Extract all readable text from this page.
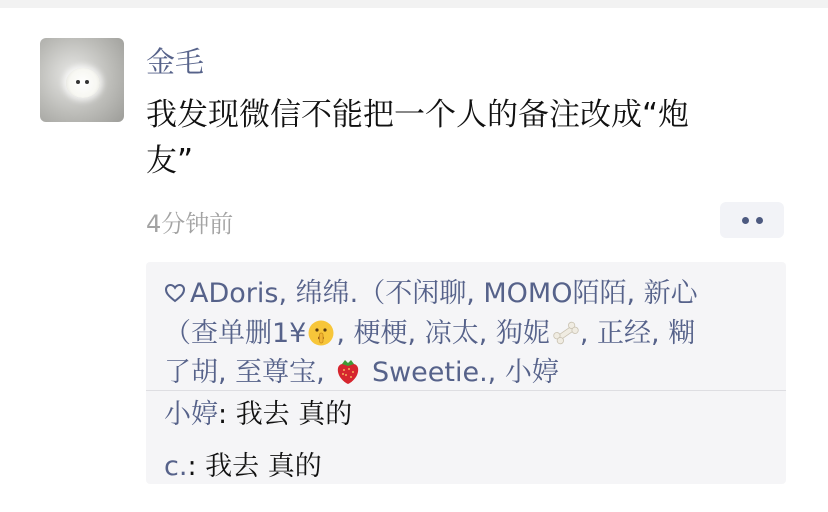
金毛
我发现微信不能把一个人的备注改成“炮
友”
4分钟前
ADoris, 绵绵.（不闲聊, MOMO陌陌, 新心
（查单删1¥ , 梗梗, 凉太, 狗妮 , 正经, 糊
了胡, 至尊宝,  Sweetie., 小婷
小婷: 我去 真的
c.: 我去 真的
